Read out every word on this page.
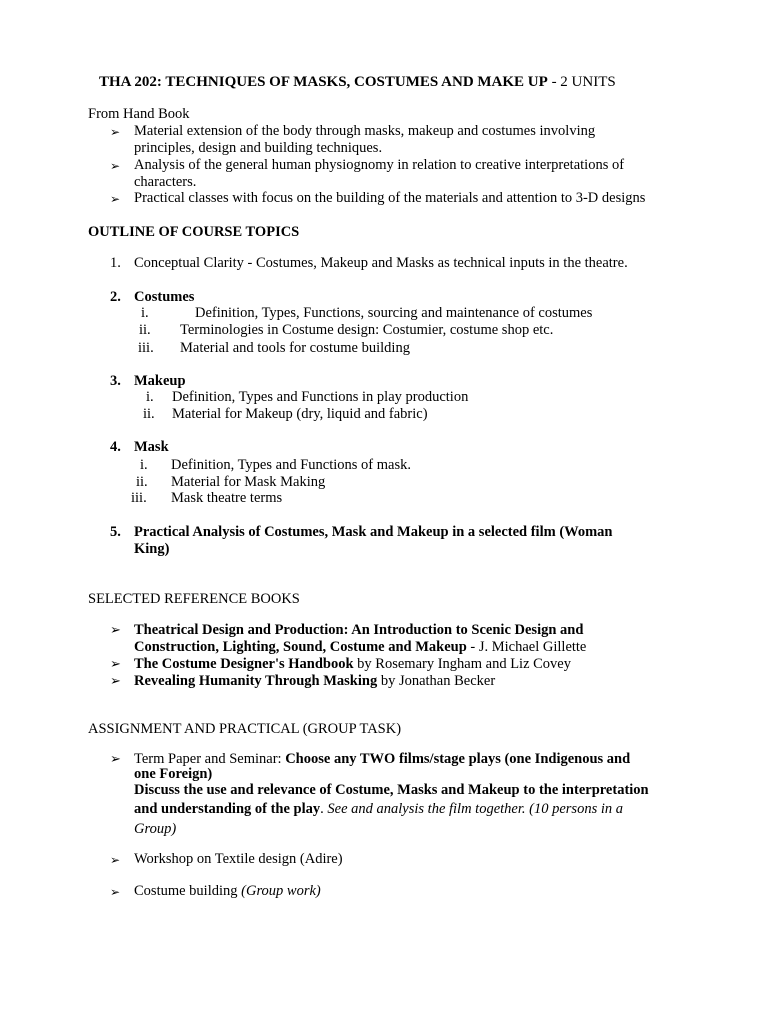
THA 202: TECHNIQUES OF MASKS, COSTUMES AND MAKE UP - 2 UNITS
From Hand Book
➢ Material extension of the body through masks, makeup and costumes involving
principles, design and building techniques.
➢ Analysis of the general human physiognomy in relation to creative interpretations of
characters.
➢ Practical classes with focus on the building of the materials and attention to 3-D designs
OUTLINE OF COURSE TOPICS
1. Conceptual Clarity - Costumes, Makeup and Masks as technical inputs in the theatre.
2. Costumes
i.	Definition, Types, Functions, sourcing and maintenance of costumes
ii. Terminologies in Costume design: Costumier, costume shop etc.
iii. Material and tools for costume building
3. Makeup
i. Definition, Types and Functions in play production
ii. Material for Makeup (dry, liquid and fabric)
4. Mask
i. Definition, Types and Functions of mask.
ii. Material for Mask Making
iii. Mask theatre terms
5. Practical Analysis of Costumes, Mask and Makeup in a selected film (Woman
King)
SELECTED REFERENCE BOOKS
➢ Theatrical Design and Production: An Introduction to Scenic Design and
Construction, Lighting, Sound, Costume and Makeup - J. Michael Gillette
➢ The Costume Designer's Handbook by Rosemary Ingham and Liz Covey
➢ Revealing Humanity Through Masking by Jonathan Becker
ASSIGNMENT AND PRACTICAL (GROUP TASK)
➢ Term Paper and Seminar: Choose any TWO films/stage plays (one Indigenous and
one Foreign)
Discuss the use and relevance of Costume, Masks and Makeup to the interpretation
and understanding of the play. See and analysis the film together. (10 persons in a
Group)
➢ Workshop on Textile design (Adire)
➢ Costume building (Group work)
